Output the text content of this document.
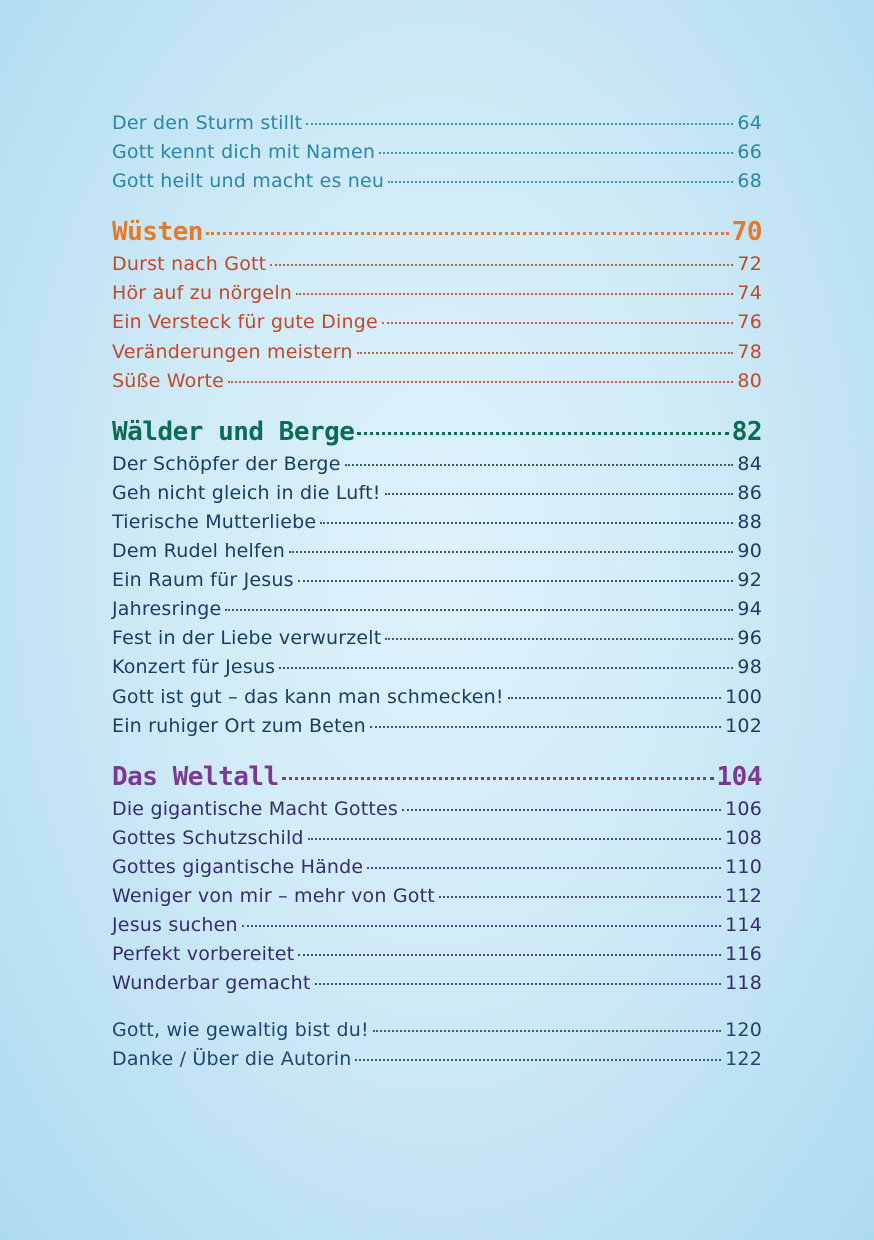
Der den Sturm stillt	64
Gott kennt dich mit Namen	66
Gott heilt und macht es neu	68
Wüsten	70
Durst nach Gott	72
Hör auf zu nörgeln	74
Ein Versteck für gute Dinge	76
Veränderungen meistern	78
Süße Worte	80
Wälder und Berge	82
Der Schöpfer der Berge	84
Geh nicht gleich in die Luft!	86
Tierische Mutterliebe	88
Dem Rudel helfen	90
Ein Raum für Jesus	92
Jahresringe	94
Fest in der Liebe verwurzelt	96
Konzert für Jesus	98
Gott ist gut – das kann man schmecken!	100
Ein ruhiger Ort zum Beten	102
Das Weltall	104
Die gigantische Macht Gottes	106
Gottes Schutzschild	108
Gottes gigantische Hände	110
Weniger von mir – mehr von Gott	112
Jesus suchen	114
Perfekt vorbereitet	116
Wunderbar gemacht	118
Gott, wie gewaltig bist du!	120
Danke / Über die Autorin	122
